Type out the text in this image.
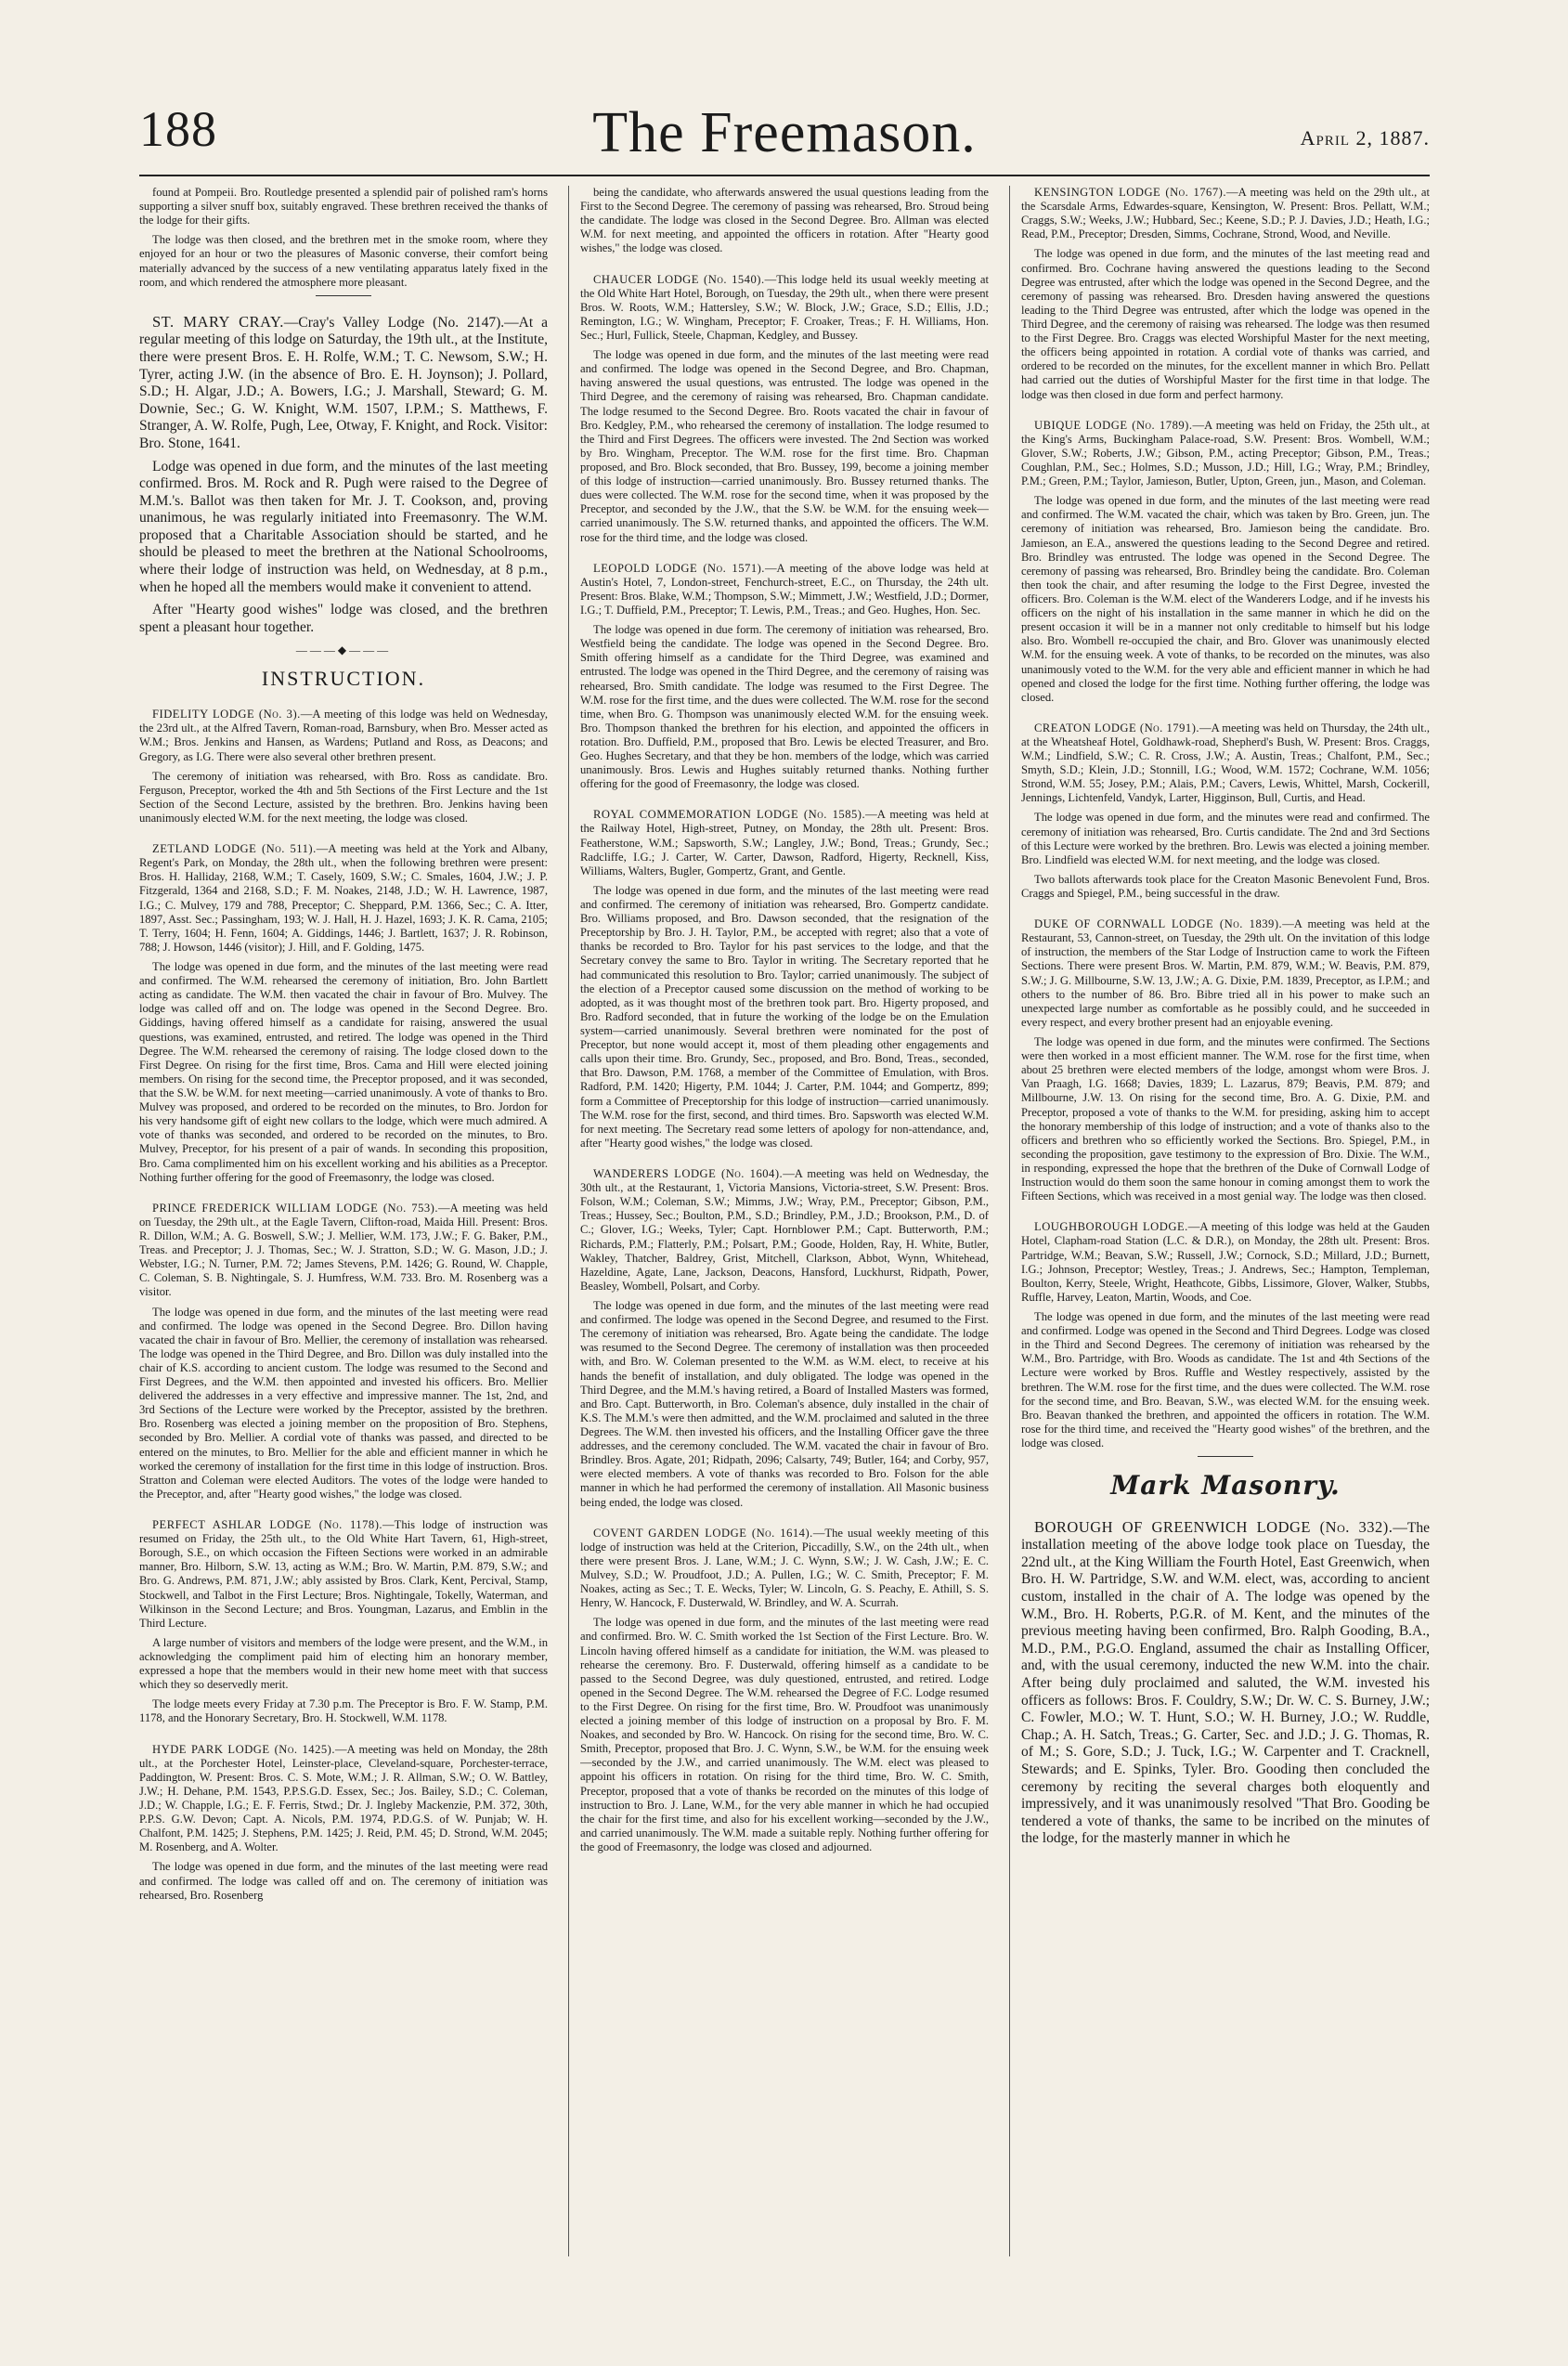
188	The Freemason.	April 2, 1887.

found at Pompeii. Bro. Routledge presented a splendid pair of polished ram's horns supporting a silver snuff box, suitably engraved. These brethren received the thanks of the lodge for their gifts.

The lodge was then closed, and the brethren met in the smoke room, where they enjoyed for an hour or two the pleasures of Masonic converse, their comfort being materially advanced by the success of a new ventilating apparatus lately fixed in the room, and which rendered the atmosphere more pleasant.

ST. MARY CRAY.—Cray's Valley Lodge (No. 2147).—At a regular meeting of this lodge on Saturday, the 19th ult., at the Institute, there were present Bros. E. H. Rolfe, W.M.; T. C. Newsom, S.W.; H. Tyrer, acting J.W. (in the absence of Bro. E. H. Joynson); J. Pollard, S.D.; H. Algar, J.D.; A. Bowers, I.G.; J. Marshall, Steward; G. M. Downie, Sec.; G. W. Knight, W.M. 1507, I.P.M.; S. Matthews, F. Stranger, A. W. Rolfe, Pugh, Lee, Otway, F. Knight, and Rock. Visitor: Bro. Stone, 1641.

Lodge was opened in due form, and the minutes of the last meeting confirmed. Bros. M. Rock and R. Pugh were raised to the Degree of M.M.'s. Ballot was then taken for Mr. J. T. Cookson, and, proving unanimous, he was regularly initiated into Freemasonry. The W.M. proposed that a Charitable Association should be started, and he should be pleased to meet the brethren at the National Schoolrooms, where their lodge of instruction was held, on Wednesday, at 8 p.m., when he hoped all the members would make it convenient to attend.

After "Hearty good wishes" lodge was closed, and the brethren spent a pleasant hour together.

———◆———
INSTRUCTION.

FIDELITY LODGE (No. 3).—A meeting of this lodge was held on Wednesday, the 23rd ult., at the Alfred Tavern, Roman-road, Barnsbury, when Bro. Messer acted as W.M.; Bros. Jenkins and Hansen, as Wardens; Putland and Ross, as Deacons; and Gregory, as I.G. There were also several other brethren present.

The ceremony of initiation was rehearsed, with Bro. Ross as candidate. Bro. Ferguson, Preceptor, worked the 4th and 5th Sections of the First Lecture and the 1st Section of the Second Lecture, assisted by the brethren. Bro. Jenkins having been unanimously elected W.M. for the next meeting, the lodge was closed.

ZETLAND LODGE (No. 511).—A meeting was held at the York and Albany, Regent's Park, on Monday, the 28th ult., when the following brethren were present: Bros. H. Halliday, 2168, W.M.; T. Casely, 1609, S.W.; C. Smales, 1604, J.W.; J. P. Fitzgerald, 1364 and 2168, S.D.; F. M. Noakes, 2148, J.D.; W. H. Lawrence, 1987, I.G.; C. Mulvey, 179 and 788, Preceptor; C. Sheppard, P.M. 1366, Sec.; C. A. Itter, 1897, Asst. Sec.; Passingham, 193; W. J. Hall, H. J. Hazel, 1693; J. K. R. Cama, 2105; T. Terry, 1604; H. Fenn, 1604; A. Giddings, 1446; J. Bartlett, 1637; J. R. Robinson, 788; J. Howson, 1446 (visitor); J. Hill, and F. Golding, 1475.

The lodge was opened in due form, and the minutes of the last meeting were read and confirmed. The W.M. rehearsed the ceremony of initiation, Bro. John Bartlett acting as candidate. The W.M. then vacated the chair in favour of Bro. Mulvey. The lodge was called off and on. The lodge was opened in the Second Degree. Bro. Giddings, having offered himself as a candidate for raising, answered the usual questions, was examined, entrusted, and retired. The lodge was opened in the Third Degree. The W.M. rehearsed the ceremony of raising. The lodge closed down to the First Degree. On rising for the first time, Bros. Cama and Hill were elected joining members. On rising for the second time, the Preceptor proposed, and it was seconded, that the S.W. be W.M. for next meeting—carried unanimously. A vote of thanks to Bro. Mulvey was proposed, and ordered to be recorded on the minutes, to Bro. Jordon for his very handsome gift of eight new collars to the lodge, which were much admired. A vote of thanks was seconded, and ordered to be recorded on the minutes, to Bro. Mulvey, Preceptor, for his present of a pair of wands. In seconding this proposition, Bro. Cama complimented him on his excellent working and his abilities as a Preceptor. Nothing further offering for the good of Freemasonry, the lodge was closed.

PRINCE FREDERICK WILLIAM LODGE (No. 753).—A meeting was held on Tuesday, the 29th ult., at the Eagle Tavern, Clifton-road, Maida Hill. Present: Bros. R. Dillon, W.M.; A. G. Boswell, S.W.; J. Mellier, W.M. 173, J.W.; F. G. Baker, P.M., Treas. and Preceptor; J. J. Thomas, Sec.; W. J. Stratton, S.D.; W. G. Mason, J.D.; J. Webster, I.G.; N. Turner, P.M. 72; James Stevens, P.M. 1426; G. Round, W. Chapple, C. Coleman, S. B. Nightingale, S. J. Humfress, W.M. 733. Bro. M. Rosenberg was a visitor.

The lodge was opened in due form, and the minutes of the last meeting were read and confirmed. The lodge was opened in the Second Degree. Bro. Dillon having vacated the chair in favour of Bro. Mellier, the ceremony of installation was rehearsed. The lodge was opened in the Third Degree, and Bro. Dillon was duly installed into the chair of K.S. according to ancient custom. The lodge was resumed to the Second and First Degrees, and the W.M. then appointed and invested his officers. Bro. Mellier delivered the addresses in a very effective and impressive manner. The 1st, 2nd, and 3rd Sections of the Lecture were worked by the Preceptor, assisted by the brethren. Bro. Rosenberg was elected a joining member on the proposition of Bro. Stephens, seconded by Bro. Mellier. A cordial vote of thanks was passed, and directed to be entered on the minutes, to Bro. Mellier for the able and efficient manner in which he worked the ceremony of installation for the first time in this lodge of instruction. Bros. Stratton and Coleman were elected Auditors. The votes of the lodge were handed to the Preceptor, and, after "Hearty good wishes," the lodge was closed.

PERFECT ASHLAR LODGE (No. 1178).—This lodge of instruction was resumed on Friday, the 25th ult., to the Old White Hart Tavern, 61, High-street, Borough, S.E., on which occasion the Fifteen Sections were worked in an admirable manner, Bro. Hilborn, S.W. 13, acting as W.M.; Bro. W. Martin, P.M. 879, S.W.; and Bro. G. Andrews, P.M. 871, J.W.; ably assisted by Bros. Clark, Kent, Percival, Stamp, Stockwell, and Talbot in the First Lecture; Bros. Nightingale, Tokelly, Waterman, and Wilkinson in the Second Lecture; and Bros. Youngman, Lazarus, and Emblin in the Third Lecture.

A large number of visitors and members of the lodge were present, and the W.M., in acknowledging the compliment paid him of electing him an honorary member, expressed a hope that the members would in their new home meet with that success which they so deservedly merit.

The lodge meets every Friday at 7.30 p.m. The Preceptor is Bro. F. W. Stamp, P.M. 1178, and the Honorary Secretary, Bro. H. Stockwell, W.M. 1178.

HYDE PARK LODGE (No. 1425).—A meeting was held on Monday, the 28th ult., at the Porchester Hotel, Leinster-place, Cleveland-square, Porchester-terrace, Paddington, W. Present: Bros. C. S. Mote, W.M.; J. R. Allman, S.W.; O. W. Battley, J.W.; H. Dehane, P.M. 1543, P.P.S.G.D. Essex, Sec.; Jos. Bailey, S.D.; C. Coleman, J.D.; W. Chapple, I.G.; E. F. Ferris, Stwd.; Dr. J. Ingleby Mackenzie, P.M. 372, 30th, P.P.S. G.W. Devon; Capt. A. Nicols, P.M. 1974, P.D.G.S. of W. Punjab; W. H. Chalfont, P.M. 1425; J. Stephens, P.M. 1425; J. Reid, P.M. 45; D. Strond, W.M. 2045; M. Rosenberg, and A. Wolter.

The lodge was opened in due form, and the minutes of the last meeting were read and confirmed. The lodge was called off and on. The ceremony of initiation was rehearsed, Bro. Rosenberg

being the candidate, who afterwards answered the usual questions leading from the First to the Second Degree. The ceremony of passing was rehearsed, Bro. Stroud being the candidate. The lodge was closed in the Second Degree. Bro. Allman was elected W.M. for next meeting, and appointed the officers in rotation. After "Hearty good wishes," the lodge was closed.

CHAUCER LODGE (No. 1540).—This lodge held its usual weekly meeting at the Old White Hart Hotel, Borough, on Tuesday, the 29th ult., when there were present Bros. W. Roots, W.M.; Hattersley, S.W.; W. Block, J.W.; Grace, S.D.; Ellis, J.D.; Remington, I.G.; W. Wingham, Preceptor; F. Croaker, Treas.; F. H. Williams, Hon. Sec.; Hurl, Fullick, Steele, Chapman, Kedgley, and Bussey.

The lodge was opened in due form, and the minutes of the last meeting were read and confirmed. The lodge was opened in the Second Degree, and Bro. Chapman, having answered the usual questions, was entrusted. The lodge was opened in the Third Degree, and the ceremony of raising was rehearsed, Bro. Chapman candidate. The lodge resumed to the Second Degree. Bro. Roots vacated the chair in favour of Bro. Kedgley, P.M., who rehearsed the ceremony of installation. The lodge resumed to the Third and First Degrees. The officers were invested. The 2nd Section was worked by Bro. Wingham, Preceptor. The W.M. rose for the first time. Bro. Chapman proposed, and Bro. Block seconded, that Bro. Bussey, 199, become a joining member of this lodge of instruction—carried unanimously. Bro. Bussey returned thanks. The dues were collected. The W.M. rose for the second time, when it was proposed by the Preceptor, and seconded by the J.W., that the S.W. be W.M. for the ensuing week—carried unanimously. The S.W. returned thanks, and appointed the officers. The W.M. rose for the third time, and the lodge was closed.

LEOPOLD LODGE (No. 1571).—A meeting of the above lodge was held at Austin's Hotel, 7, London-street, Fenchurch-street, E.C., on Thursday, the 24th ult. Present: Bros. Blake, W.M.; Thompson, S.W.; Mimmett, J.W.; Westfield, J.D.; Dormer, I.G.; T. Duffield, P.M., Preceptor; T. Lewis, P.M., Treas.; and Geo. Hughes, Hon. Sec.

The lodge was opened in due form. The ceremony of initiation was rehearsed, Bro. Westfield being the candidate. The lodge was opened in the Second Degree. Bro. Smith offering himself as a candidate for the Third Degree, was examined and entrusted. The lodge was opened in the Third Degree, and the ceremony of raising was rehearsed, Bro. Smith candidate. The lodge was resumed to the First Degree. The W.M. rose for the first time, and the dues were collected. The W.M. rose for the second time, when Bro. G. Thompson was unanimously elected W.M. for the ensuing week. Bro. Thompson thanked the brethren for his election, and appointed the officers in rotation. Bro. Duffield, P.M., proposed that Bro. Lewis be elected Treasurer, and Bro. Geo. Hughes Secretary, and that they be hon. members of the lodge, which was carried unanimously. Bros. Lewis and Hughes suitably returned thanks. Nothing further offering for the good of Freemasonry, the lodge was closed.

ROYAL COMMEMORATION LODGE (No. 1585).—A meeting was held at the Railway Hotel, High-street, Putney, on Monday, the 28th ult. Present: Bros. Featherstone, W.M.; Sapsworth, S.W.; Langley, J.W.; Bond, Treas.; Grundy, Sec.; Radcliffe, I.G.; J. Carter, W. Carter, Dawson, Radford, Higerty, Recknell, Kiss, Williams, Walters, Bugler, Gompertz, Grant, and Gentle.

The lodge was opened in due form, and the minutes of the last meeting were read and confirmed. The ceremony of initiation was rehearsed, Bro. Gompertz candidate. Bro. Williams proposed, and Bro. Dawson seconded, that the resignation of the Preceptorship by Bro. J. H. Taylor, P.M., be accepted with regret; also that a vote of thanks be recorded to Bro. Taylor for his past services to the lodge, and that the Secretary convey the same to Bro. Taylor in writing. The Secretary reported that he had communicated this resolution to Bro. Taylor; carried unanimously. The subject of the election of a Preceptor caused some discussion on the method of working to be adopted, as it was thought most of the brethren took part. Bro. Higerty proposed, and Bro. Radford seconded, that in future the working of the lodge be on the Emulation system—carried unanimously. Several brethren were nominated for the post of Preceptor, but none would accept it, most of them pleading other engagements and calls upon their time. Bro. Grundy, Sec., proposed, and Bro. Bond, Treas., seconded, that Bro. Dawson, P.M. 1768, a member of the Committee of Emulation, with Bros. Radford, P.M. 1420; Higerty, P.M. 1044; J. Carter, P.M. 1044; and Gompertz, 899; form a Committee of Preceptorship for this lodge of instruction—carried unanimously. The W.M. rose for the first, second, and third times. Bro. Sapsworth was elected W.M. for next meeting. The Secretary read some letters of apology for non-attendance, and, after "Hearty good wishes," the lodge was closed.

WANDERERS LODGE (No. 1604).—A meeting was held on Wednesday, the 30th ult., at the Restaurant, 1, Victoria Mansions, Victoria-street, S.W. Present: Bros. Folson, W.M.; Coleman, S.W.; Mimms, J.W.; Wray, P.M., Preceptor; Gibson, P.M., Treas.; Hussey, Sec.; Boulton, P.M., S.D.; Brindley, P.M., J.D.; Brookson, P.M., D. of C.; Glover, I.G.; Weeks, Tyler; Capt. Hornblower P.M.; Capt. Butterworth, P.M.; Richards, P.M.; Flatterly, P.M.; Polsart, P.M.; Goode, Holden, Ray, H. White, Butler, Wakley, Thatcher, Baldrey, Grist, Mitchell, Clarkson, Abbot, Wynn, Whitehead, Hazeldine, Agate, Lane, Jackson, Deacons, Hansford, Luckhurst, Ridpath, Power, Beasley, Wombell, Polsart, and Corby.

The lodge was opened in due form, and the minutes of the last meeting were read and confirmed. The lodge was opened in the Second Degree, and resumed to the First. The ceremony of initiation was rehearsed, Bro. Agate being the candidate. The lodge was resumed to the Second Degree. The ceremony of installation was then proceeded with, and Bro. W. Coleman presented to the W.M. as W.M. elect, to receive at his hands the benefit of installation, and duly obligated. The lodge was opened in the Third Degree, and the M.M.'s having retired, a Board of Installed Masters was formed, and Bro. Capt. Butterworth, in Bro. Coleman's absence, duly installed in the chair of K.S. The M.M.'s were then admitted, and the W.M. proclaimed and saluted in the three Degrees. The W.M. then invested his officers, and the Installing Officer gave the three addresses, and the ceremony concluded. The W.M. vacated the chair in favour of Bro. Brindley. Bros. Agate, 201; Ridpath, 2096; Calsarty, 749; Butler, 164; and Corby, 957, were elected members. A vote of thanks was recorded to Bro. Folson for the able manner in which he had performed the ceremony of installation. All Masonic business being ended, the lodge was closed.

COVENT GARDEN LODGE (No. 1614).—The usual weekly meeting of this lodge of instruction was held at the Criterion, Piccadilly, S.W., on the 24th ult., when there were present Bros. J. Lane, W.M.; J. C. Wynn, S.W.; J. W. Cash, J.W.; E. C. Mulvey, S.D.; W. Proudfoot, J.D.; A. Pullen, I.G.; W. C. Smith, Preceptor; F. M. Noakes, acting as Sec.; T. E. Wecks, Tyler; W. Lincoln, G. S. Peachy, E. Athill, S. S. Henry, W. Hancock, F. Dusterwald, W. Brindley, and W. A. Scurrah.

The lodge was opened in due form, and the minutes of the last meeting were read and confirmed. Bro. W. C. Smith worked the 1st Section of the First Lecture. Bro. W. Lincoln having offered himself as a candidate for initiation, the W.M. was pleased to rehearse the ceremony. Bro. F. Dusterwald, offering himself as a candidate to be passed to the Second Degree, was duly questioned, entrusted, and retired. Lodge opened in the Second Degree. The W.M. rehearsed the Degree of F.C. Lodge resumed to the First Degree. On rising for the first time, Bro. W. Proudfoot was unanimously elected a joining member of this lodge of instruction on a proposal by Bro. F. M. Noakes, and seconded by Bro. W. Hancock. On rising for the second time, Bro. W. C. Smith, Preceptor, proposed that Bro. J. C. Wynn, S.W., be W.M. for the ensuing week—seconded by the J.W., and carried unanimously. The W.M. elect was pleased to appoint his officers in rotation. On rising for the third time, Bro. W. C. Smith, Preceptor, proposed that a vote of thanks be recorded on the minutes of this lodge of instruction to Bro. J. Lane, W.M., for the very able manner in which he had occupied the chair for the first time, and also for his excellent working—seconded by the J.W., and carried unanimously. The W.M. made a suitable reply. Nothing further offering for the good of Freemasonry, the lodge was closed and adjourned.

KENSINGTON LODGE (No. 1767).—A meeting was held on the 29th ult., at the Scarsdale Arms, Edwardes-square, Kensington, W. Present: Bros. Pellatt, W.M.; Craggs, S.W.; Weeks, J.W.; Hubbard, Sec.; Keene, S.D.; P. J. Davies, J.D.; Heath, I.G.; Read, P.M., Preceptor; Dresden, Simms, Cochrane, Strond, Wood, and Neville.

The lodge was opened in due form, and the minutes of the last meeting read and confirmed. Bro. Cochrane having answered the questions leading to the Second Degree was entrusted, after which the lodge was opened in the Second Degree, and the ceremony of passing was rehearsed. Bro. Dresden having answered the questions leading to the Third Degree was entrusted, after which the lodge was opened in the Third Degree, and the ceremony of raising was rehearsed. The lodge was then resumed to the First Degree. Bro. Craggs was elected Worshipful Master for the next meeting, the officers being appointed in rotation. A cordial vote of thanks was carried, and ordered to be recorded on the minutes, for the excellent manner in which Bro. Pellatt had carried out the duties of Worshipful Master for the first time in that lodge. The lodge was then closed in due form and perfect harmony.

UBIQUE LODGE (No. 1789).—A meeting was held on Friday, the 25th ult., at the King's Arms, Buckingham Palace-road, S.W. Present: Bros. Wombell, W.M.; Glover, S.W.; Roberts, J.W.; Gibson, P.M., acting Preceptor; Gibson, P.M., Treas.; Coughlan, P.M., Sec.; Holmes, S.D.; Musson, J.D.; Hill, I.G.; Wray, P.M.; Brindley, P.M.; Green, P.M.; Taylor, Jamieson, Butler, Upton, Green, jun., Mason, and Coleman.

The lodge was opened in due form, and the minutes of the last meeting were read and confirmed. The W.M. vacated the chair, which was taken by Bro. Green, jun. The ceremony of initiation was rehearsed, Bro. Jamieson being the candidate. Bro. Jamieson, an E.A., answered the questions leading to the Second Degree and retired. Bro. Brindley was entrusted. The lodge was opened in the Second Degree. The ceremony of passing was rehearsed, Bro. Brindley being the candidate. Bro. Coleman then took the chair, and after resuming the lodge to the First Degree, invested the officers. Bro. Coleman is the W.M. elect of the Wanderers Lodge, and if he invests his officers on the night of his installation in the same manner in which he did on the present occasion it will be in a manner not only creditable to himself but his lodge also. Bro. Wombell re-occupied the chair, and Bro. Glover was unanimously elected W.M. for the ensuing week. A vote of thanks, to be recorded on the minutes, was also unanimously voted to the W.M. for the very able and efficient manner in which he had opened and closed the lodge for the first time. Nothing further offering, the lodge was closed.

CREATON LODGE (No. 1791).—A meeting was held on Thursday, the 24th ult., at the Wheatsheaf Hotel, Goldhawk-road, Shepherd's Bush, W. Present: Bros. Craggs, W.M.; Lindfield, S.W.; C. R. Cross, J.W.; A. Austin, Treas.; Chalfont, P.M., Sec.; Smyth, S.D.; Klein, J.D.; Stonnill, I.G.; Wood, W.M. 1572; Cochrane, W.M. 1056; Strond, W.M. 55; Josey, P.M.; Alais, P.M.; Cavers, Lewis, Whittel, Marsh, Cockerill, Jennings, Lichtenfeld, Vandyk, Larter, Higginson, Bull, Curtis, and Head.

The lodge was opened in due form, and the minutes were read and confirmed. The ceremony of initiation was rehearsed, Bro. Curtis candidate. The 2nd and 3rd Sections of this Lecture were worked by the brethren. Bro. Lewis was elected a joining member. Bro. Lindfield was elected W.M. for next meeting, and the lodge was closed.

Two ballots afterwards took place for the Creaton Masonic Benevolent Fund, Bros. Craggs and Spiegel, P.M., being successful in the draw.

DUKE OF CORNWALL LODGE (No. 1839).—A meeting was held at the Restaurant, 53, Cannon-street, on Tuesday, the 29th ult. On the invitation of this lodge of instruction, the members of the Star Lodge of Instruction came to work the Fifteen Sections. There were present Bros. W. Martin, P.M. 879, W.M.; W. Beavis, P.M. 879, S.W.; J. G. Millbourne, S.W. 13, J.W.; A. G. Dixie, P.M. 1839, Preceptor, as I.P.M.; and others to the number of 86. Bro. Bibre tried all in his power to make such an unexpected large number as comfortable as he possibly could, and he succeeded in every respect, and every brother present had an enjoyable evening.

The lodge was opened in due form, and the minutes were confirmed. The Sections were then worked in a most efficient manner. The W.M. rose for the first time, when about 25 brethren were elected members of the lodge, amongst whom were Bros. J. Van Praagh, I.G. 1668; Davies, 1839; L. Lazarus, 879; Beavis, P.M. 879; and Millbourne, J.W. 13. On rising for the second time, Bro. A. G. Dixie, P.M. and Preceptor, proposed a vote of thanks to the W.M. for presiding, asking him to accept the honorary membership of this lodge of instruction; and a vote of thanks also to the officers and brethren who so efficiently worked the Sections. Bro. Spiegel, P.M., in seconding the proposition, gave testimony to the expression of Bro. Dixie. The W.M., in responding, expressed the hope that the brethren of the Duke of Cornwall Lodge of Instruction would do them soon the same honour in coming amongst them to work the Fifteen Sections, which was received in a most genial way. The lodge was then closed.

LOUGHBOROUGH LODGE.—A meeting of this lodge was held at the Gauden Hotel, Clapham-road Station (L.C. & D.R.), on Monday, the 28th ult. Present: Bros. Partridge, W.M.; Beavan, S.W.; Russell, J.W.; Cornock, S.D.; Millard, J.D.; Burnett, I.G.; Johnson, Preceptor; Westley, Treas.; J. Andrews, Sec.; Hampton, Templeman, Boulton, Kerry, Steele, Wright, Heathcote, Gibbs, Lissimore, Glover, Walker, Stubbs, Ruffle, Harvey, Leaton, Martin, Woods, and Coe.

The lodge was opened in due form, and the minutes of the last meeting were read and confirmed. Lodge was opened in the Second and Third Degrees. Lodge was closed in the Third and Second Degrees. The ceremony of initiation was rehearsed by the W.M., Bro. Partridge, with Bro. Woods as candidate. The 1st and 4th Sections of the Lecture were worked by Bros. Ruffle and Westley respectively, assisted by the brethren. The W.M. rose for the first time, and the dues were collected. The W.M. rose for the second time, and Bro. Beavan, S.W., was elected W.M. for the ensuing week. Bro. Beavan thanked the brethren, and appointed the officers in rotation. The W.M. rose for the third time, and received the "Hearty good wishes" of the brethren, and the lodge was closed.

Mark Masonry.

BOROUGH OF GREENWICH LODGE (No. 332).—The installation meeting of the above lodge took place on Tuesday, the 22nd ult., at the King William the Fourth Hotel, East Greenwich, when Bro. H. W. Partridge, S.W. and W.M. elect, was, according to ancient custom, installed in the chair of A. The lodge was opened by the W.M., Bro. H. Roberts, P.G.R. of M. Kent, and the minutes of the previous meeting having been confirmed, Bro. Ralph Gooding, B.A., M.D., P.M., P.G.O. England, assumed the chair as Installing Officer, and, with the usual ceremony, inducted the new W.M. into the chair. After being duly proclaimed and saluted, the W.M. invested his officers as follows: Bros. F. Couldry, S.W.; Dr. W. C. S. Burney, J.W.; C. Fowler, M.O.; W. T. Hunt, S.O.; W. H. Burney, J.O.; W. Ruddle, Chap.; A. H. Satch, Treas.; G. Carter, Sec. and J.D.; J. G. Thomas, R. of M.; S. Gore, S.D.; J. Tuck, I.G.; W. Carpenter and T. Cracknell, Stewards; and E. Spinks, Tyler. Bro. Gooding then concluded the ceremony by reciting the several charges both eloquently and impressively, and it was unanimously resolved "That Bro. Gooding be tendered a vote of thanks, the same to be incribed on the minutes of the lodge, for the masterly manner in which he
